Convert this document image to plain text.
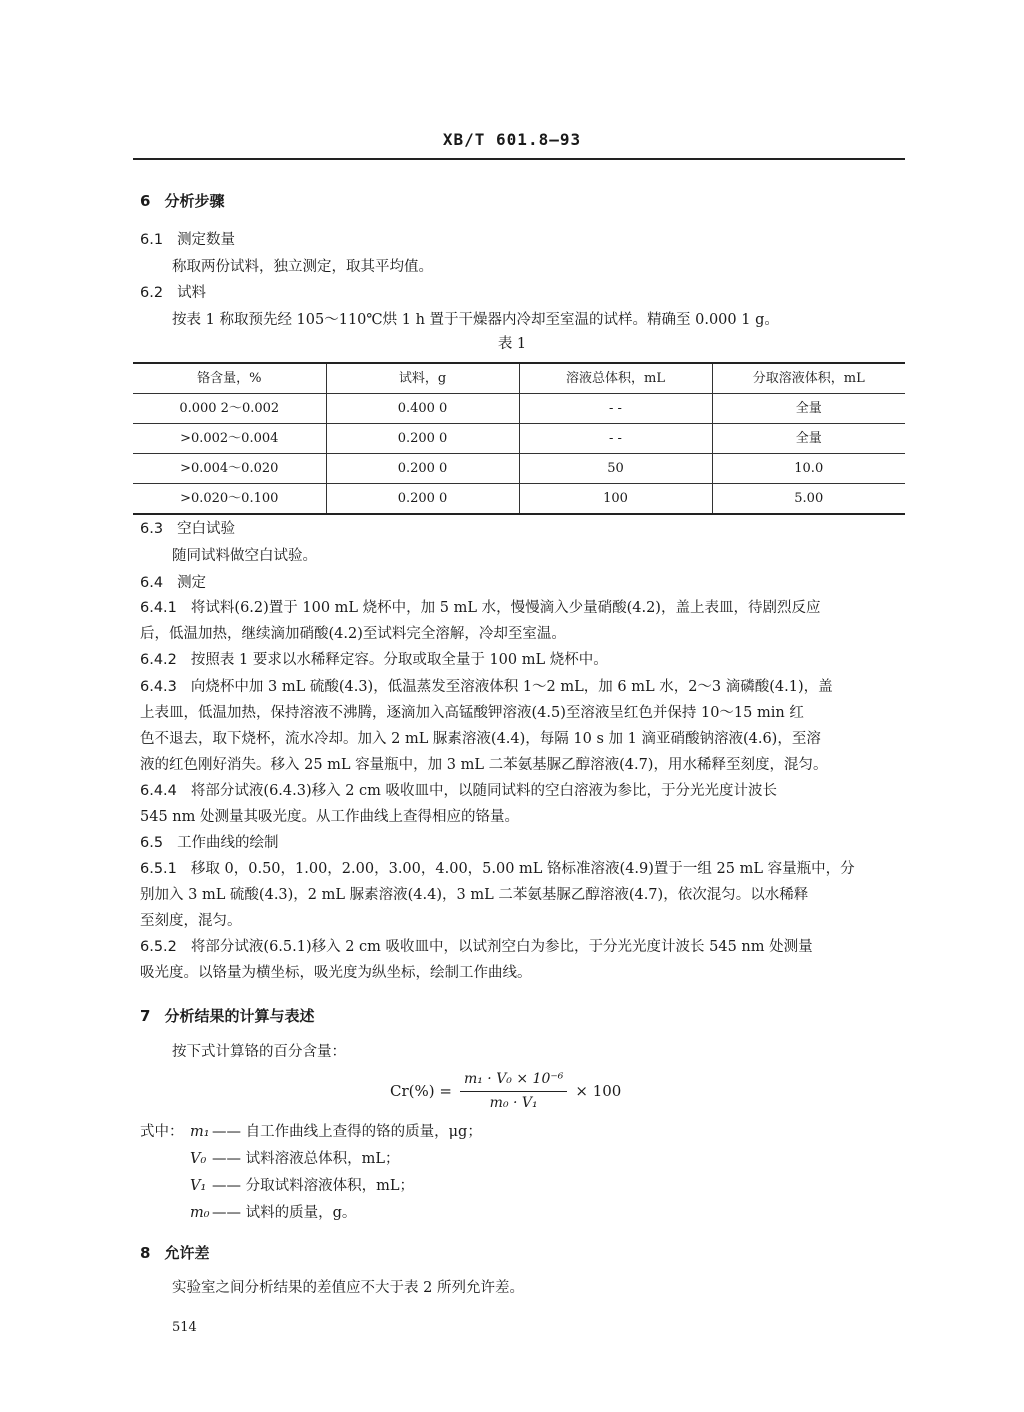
XB/T 601.8—93
6 分析步骤
6.1 测定数量
称取两份试料，独立测定，取其平均值。
6.2 试料
按表 1 称取预先经 105～110℃烘 1 h 置于干燥器内冷却至室温的试样。精确至 0.000 1 g。
表 1
铬含量，%	试料，g	溶液总体积，mL	分取溶液体积，mL
0.000 2～0.002	0.400 0	- -	全量
>0.002～0.004	0.200 0	- -	全量
>0.004～0.020	0.200 0	50	10.0
>0.020～0.100	0.200 0	100	5.00
6.3 空白试验
随同试料做空白试验。
6.4 测定
6.4.1 将试料(6.2)置于 100 mL 烧杯中，加 5 mL 水，慢慢滴入少量硝酸(4.2)，盖上表皿，待剧烈反应
后，低温加热，继续滴加硝酸(4.2)至试料完全溶解，冷却至室温。
6.4.2 按照表 1 要求以水稀释定容。分取或取全量于 100 mL 烧杯中。
6.4.3 向烧杯中加 3 mL 硫酸(4.3)，低温蒸发至溶液体积 1～2 mL，加 6 mL 水，2～3 滴磷酸(4.1)，盖
上表皿，低温加热，保持溶液不沸腾，逐滴加入高锰酸钾溶液(4.5)至溶液呈红色并保持 10～15 min 红
色不退去，取下烧杯，流水冷却。加入 2 mL 脲素溶液(4.4)，每隔 10 s 加 1 滴亚硝酸钠溶液(4.6)，至溶
液的红色刚好消失。移入 25 mL 容量瓶中，加 3 mL 二苯氨基脲乙醇溶液(4.7)，用水稀释至刻度，混匀。
6.4.4 将部分试液(6.4.3)移入 2 cm 吸收皿中，以随同试料的空白溶液为参比，于分光光度计波长
545 nm 处测量其吸光度。从工作曲线上查得相应的铬量。
6.5 工作曲线的绘制
6.5.1 移取 0，0.50，1.00，2.00，3.00，4.00，5.00 mL 铬标准溶液(4.9)置于一组 25 mL 容量瓶中，分
别加入 3 mL 硫酸(4.3)，2 mL 脲素溶液(4.4)，3 mL 二苯氨基脲乙醇溶液(4.7)，依次混匀。以水稀释
至刻度，混匀。
6.5.2 将部分试液(6.5.1)移入 2 cm 吸收皿中，以试剂空白为参比，于分光光度计波长 545 nm 处测量
吸光度。以铬量为横坐标，吸光度为纵坐标，绘制工作曲线。
7 分析结果的计算与表述
按下式计算铬的百分含量：
$Cr(\%) = \frac{\text{m₁ · V₀ × 10⁻⁶}}{\text{m₀ · V₁}} \times 100$
式中： m₁ —— 自工作曲线上查得的铬的质量，μg；
V₀ —— 试料溶液总体积，mL；
V₁ —— 分取试料溶液体积，mL；
m₀ —— 试料的质量，g。
8 允许差
实验室之间分析结果的差值应不大于表 2 所列允许差。
514
